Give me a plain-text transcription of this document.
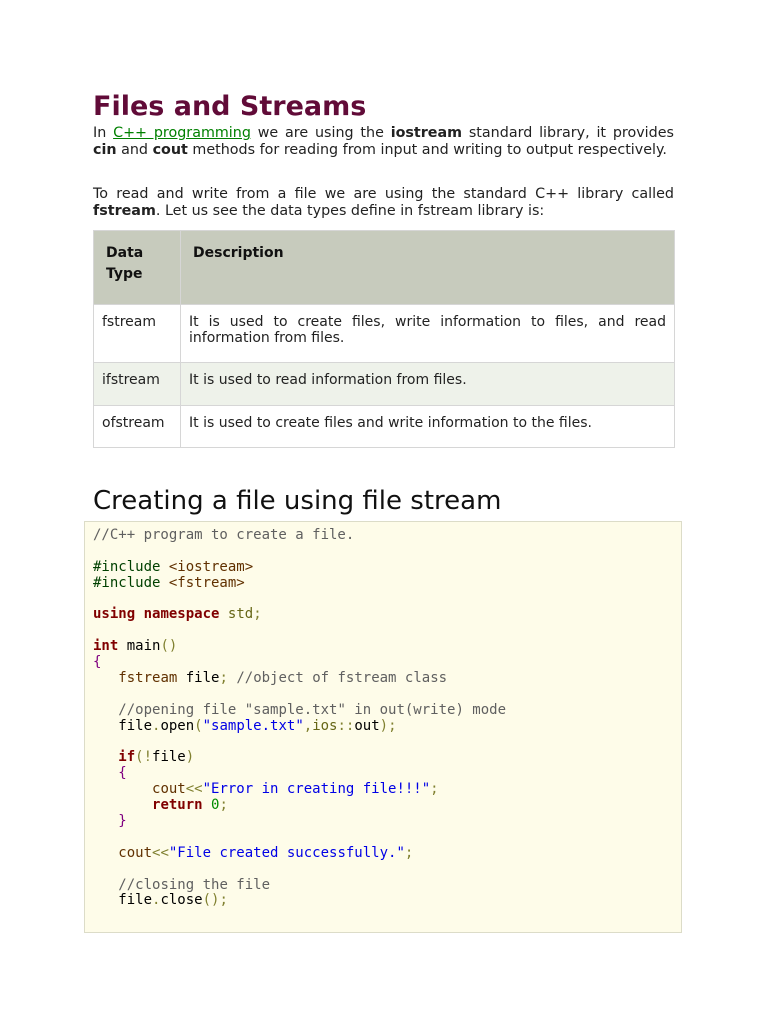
Files and Streams

In C++ programming we are using the iostream standard library, it provides cin and cout methods for reading from input and writing to output respectively.

To read and write from a file we are using the standard C++ library called fstream. Let us see the data types define in fstream library is:

Data Type	Description
fstream	It is used to create files, write information to files, and read information from files.
ifstream	It is used to read information from files.
ofstream	It is used to create files and write information to the files.
Creating a file using file stream
//C++ program to create a file.
#include <iostream>
#include <fstream>
using namespace std;
int main()
{
fstream file; //object of fstream class
//opening file "sample.txt" in out(write) mode
file.open("sample.txt",ios::out);
if(!file)
{
cout<<"Error in creating file!!!";
return 0;
}
cout<<"File created successfully.";
//closing the file
file.close();
